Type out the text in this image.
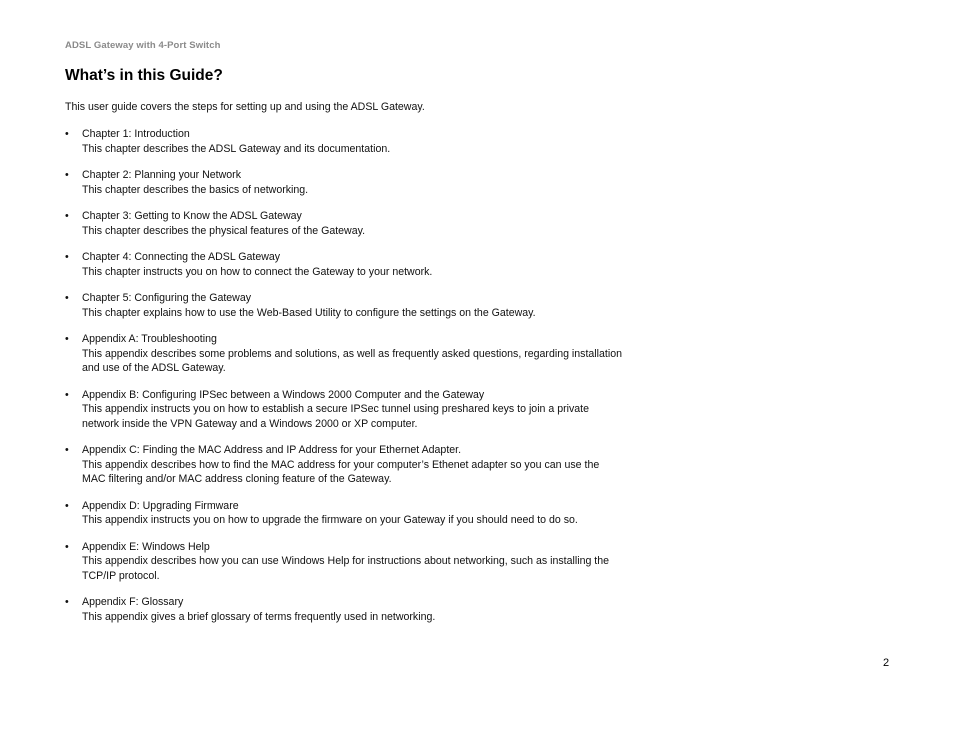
ADSL Gateway with 4-Port Switch
What’s in this Guide?

This user guide covers the steps for setting up and using the ADSL Gateway.

• Chapter 1: Introduction
This chapter describes the ADSL Gateway and its documentation.
• Chapter 2: Planning your Network
This chapter describes the basics of networking.
• Chapter 3: Getting to Know the ADSL Gateway
This chapter describes the physical features of the Gateway.
• Chapter 4: Connecting the ADSL Gateway
This chapter instructs you on how to connect the Gateway to your network.
• Chapter 5: Configuring the Gateway
This chapter explains how to use the Web-Based Utility to configure the settings on the Gateway.
• Appendix A: Troubleshooting
This appendix describes some problems and solutions, as well as frequently asked questions, regarding installation and use of the ADSL Gateway.
• Appendix B: Configuring IPSec between a Windows 2000 Computer and the Gateway
This appendix instructs you on how to establish a secure IPSec tunnel using preshared keys to join a private network inside the VPN Gateway and a Windows 2000 or XP computer.
• Appendix C: Finding the MAC Address and IP Address for your Ethernet Adapter.
This appendix describes how to find the MAC address for your computer’s Ethenet adapter so you can use the MAC filtering and/or MAC address cloning feature of the Gateway.
• Appendix D: Upgrading Firmware
This appendix instructs you on how to upgrade the firmware on your Gateway if you should need to do so.
• Appendix E: Windows Help
This appendix describes how you can use Windows Help for instructions about networking, such as installing the TCP/IP protocol.
• Appendix F: Glossary
This appendix gives a brief glossary of terms frequently used in networking.
2
